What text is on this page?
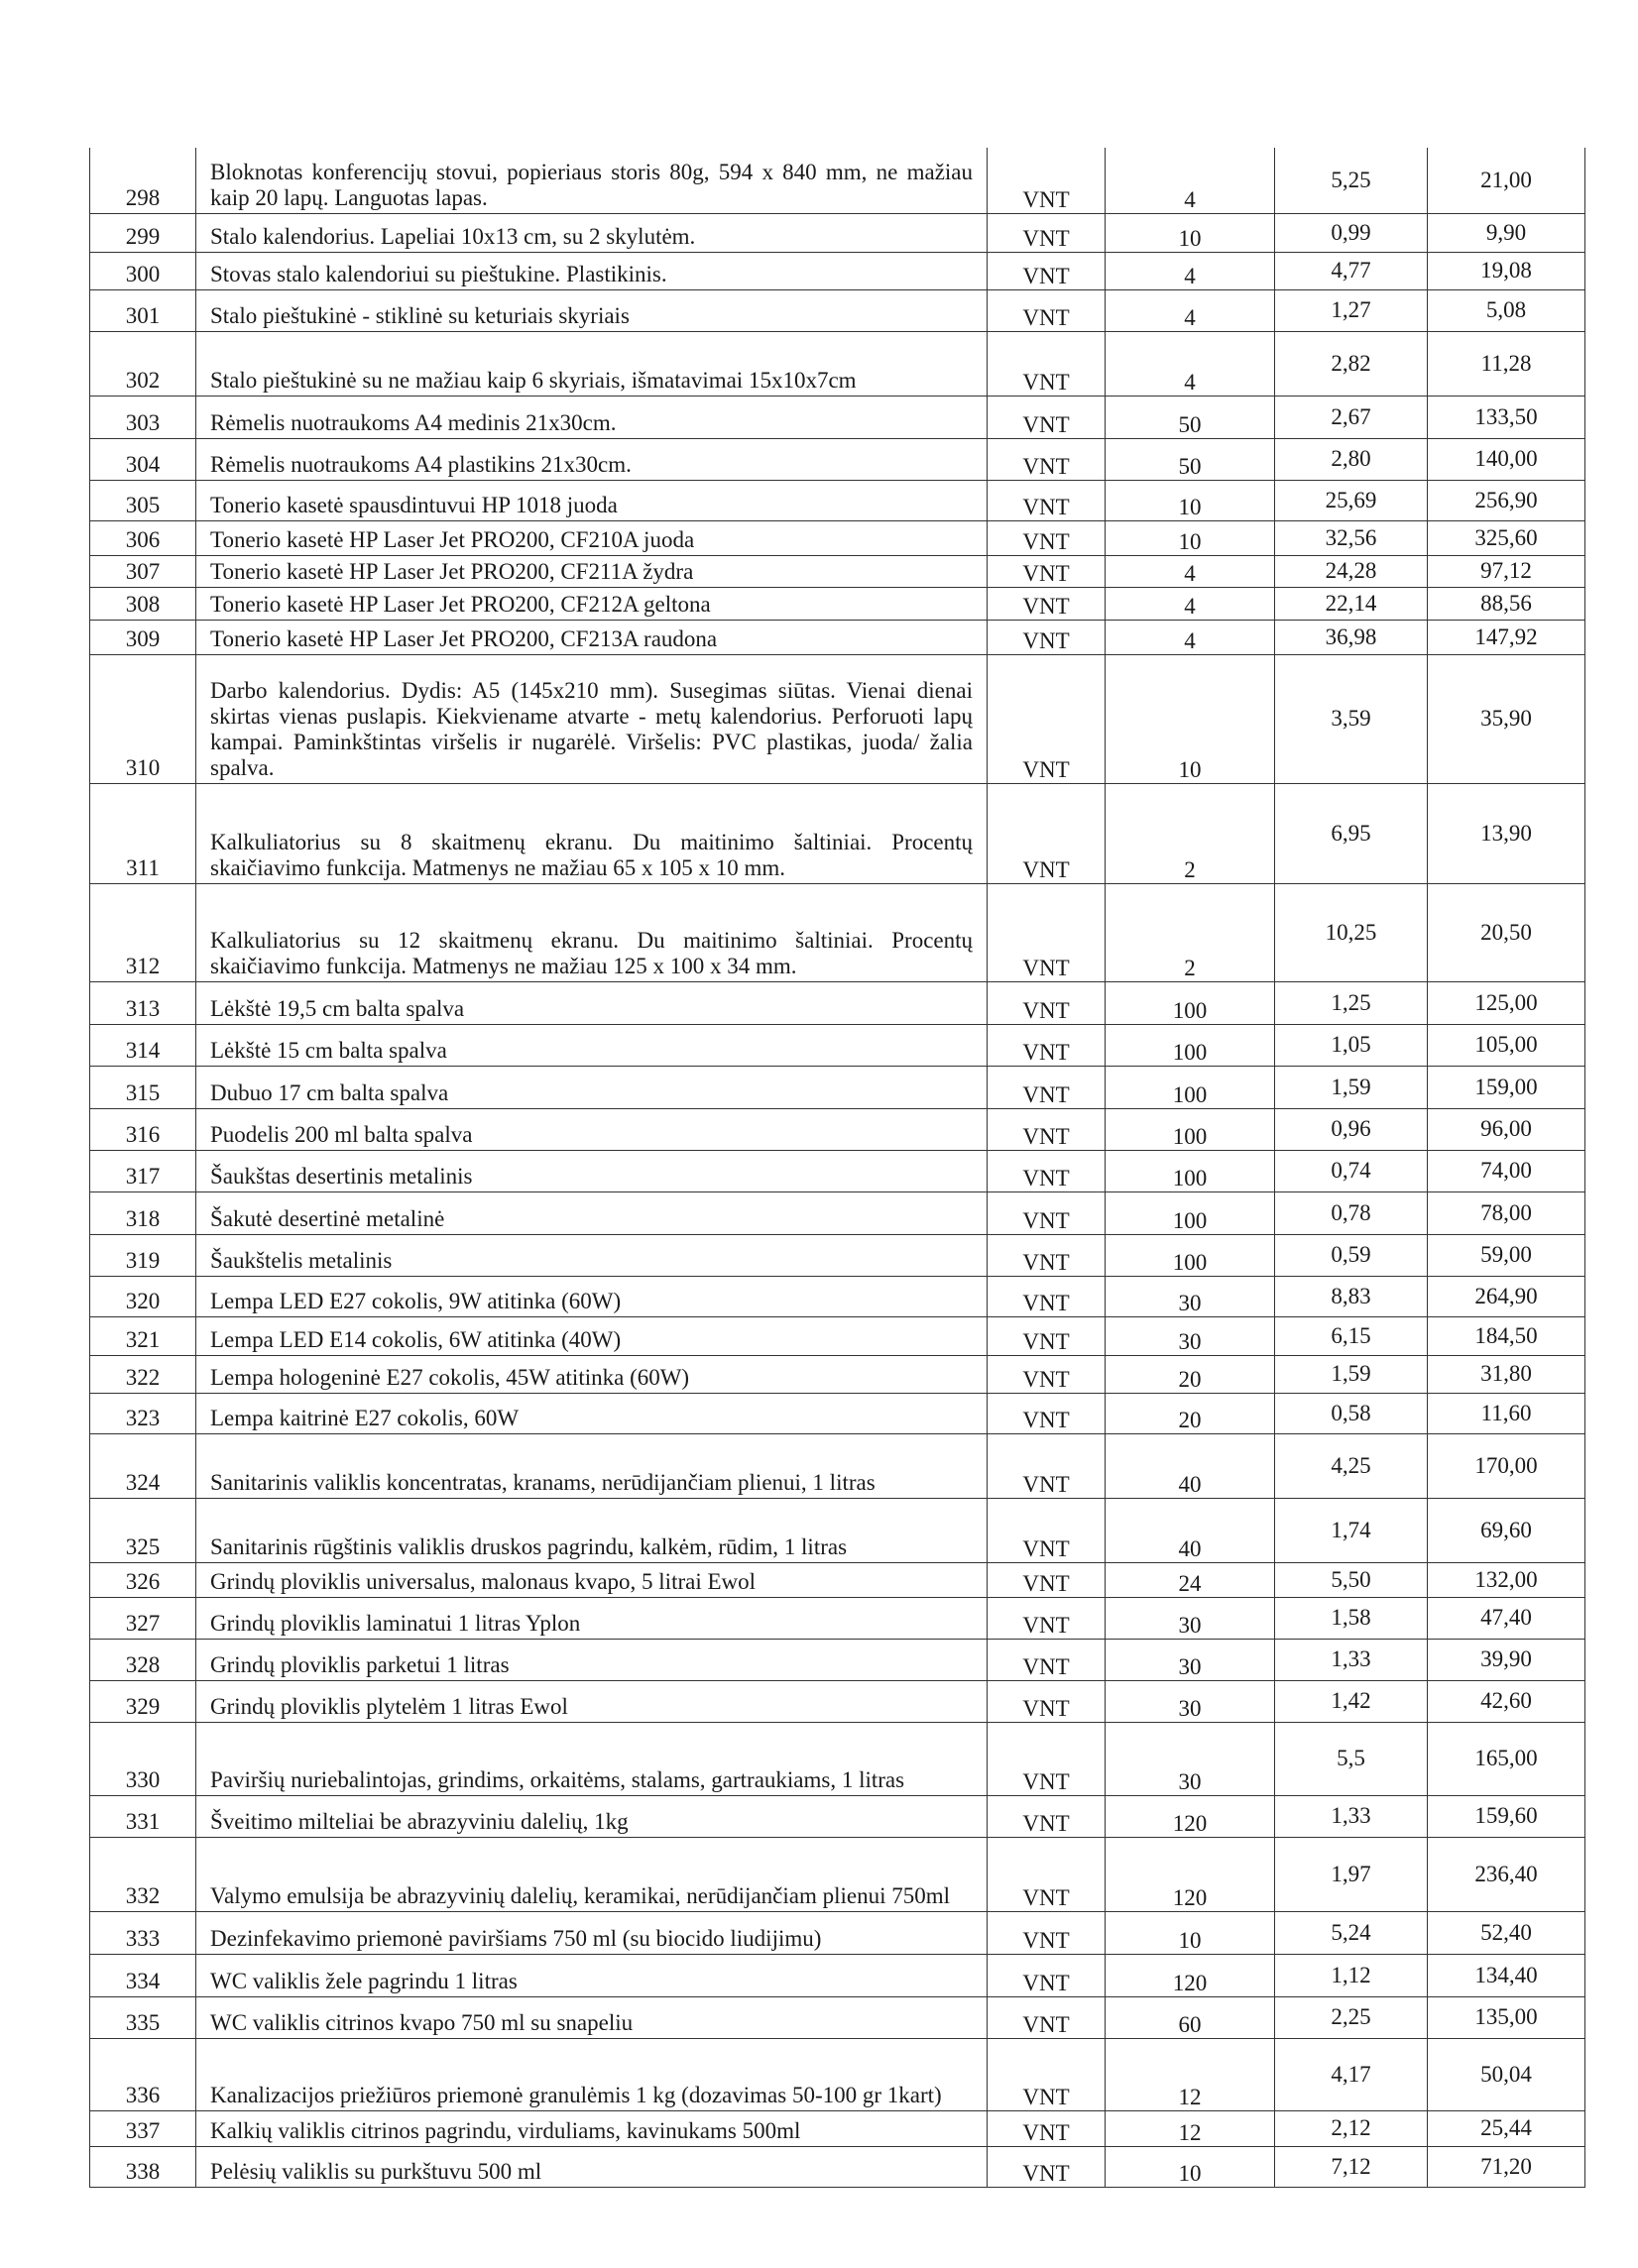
298	Bloknotas konferencijų stovui, popieriaus storis 80g, 594 x 840 mm, ne mažiau kaip 20 lapų. Languotas lapas.	VNT	4	5,25	21,00
299	Stalo kalendorius. Lapeliai 10x13 cm, su 2 skylutėm.	VNT	10	0,99	9,90
300	Stovas stalo kalendoriui su pieštukine. Plastikinis.	VNT	4	4,77	19,08
301	Stalo pieštukinė - stiklinė su keturiais skyriais	VNT	4	1,27	5,08
302	Stalo pieštukinė su ne mažiau kaip 6 skyriais, išmatavimai 15x10x7cm	VNT	4	2,82	11,28
303	Rėmelis nuotraukoms A4 medinis 21x30cm.	VNT	50	2,67	133,50
304	Rėmelis nuotraukoms A4 plastikins 21x30cm.	VNT	50	2,80	140,00
305	Tonerio kasetė spausdintuvui HP 1018 juoda	VNT	10	25,69	256,90
306	Tonerio kasetė HP Laser Jet PRO200, CF210A juoda	VNT	10	32,56	325,60
307	Tonerio kasetė HP Laser Jet PRO200, CF211A žydra	VNT	4	24,28	97,12
308	Tonerio kasetė HP Laser Jet PRO200, CF212A geltona	VNT	4	22,14	88,56
309	Tonerio kasetė HP Laser Jet PRO200, CF213A raudona	VNT	4	36,98	147,92
310	Darbo kalendorius. Dydis: A5 (145x210 mm). Susegimas siūtas. Vienai dienai skirtas vienas puslapis. Kiekviename atvarte - metų kalendorius. Perforuoti lapų kampai. Paminkštintas viršelis ir nugarėlė. Viršelis: PVC plastikas, juoda/ žalia spalva.	VNT	10	3,59	35,90
311	Kalkuliatorius su 8 skaitmenų ekranu. Du maitinimo šaltiniai. Procentų skaičiavimo funkcija. Matmenys ne mažiau 65 x 105 x 10 mm.	VNT	2	6,95	13,90
312	Kalkuliatorius su 12 skaitmenų ekranu. Du maitinimo šaltiniai. Procentų skaičiavimo funkcija. Matmenys ne mažiau 125 x 100 x 34 mm.	VNT	2	10,25	20,50
313	Lėkštė 19,5 cm balta spalva	VNT	100	1,25	125,00
314	Lėkštė 15 cm balta spalva	VNT	100	1,05	105,00
315	Dubuo 17 cm balta spalva	VNT	100	1,59	159,00
316	Puodelis 200 ml balta spalva	VNT	100	0,96	96,00
317	Šaukštas desertinis metalinis	VNT	100	0,74	74,00
318	Šakutė desertinė metalinė	VNT	100	0,78	78,00
319	Šaukštelis metalinis	VNT	100	0,59	59,00
320	Lempa LED E27 cokolis, 9W atitinka (60W)	VNT	30	8,83	264,90
321	Lempa LED E14 cokolis, 6W atitinka (40W)	VNT	30	6,15	184,50
322	Lempa hologeninė E27 cokolis, 45W atitinka (60W)	VNT	20	1,59	31,80
323	Lempa kaitrinė E27 cokolis, 60W	VNT	20	0,58	11,60
324	Sanitarinis valiklis koncentratas, kranams, nerūdijančiam plienui, 1 litras	VNT	40	4,25	170,00
325	Sanitarinis rūgštinis valiklis druskos pagrindu, kalkėm, rūdim, 1 litras	VNT	40	1,74	69,60
326	Grindų ploviklis universalus, malonaus kvapo, 5 litrai Ewol	VNT	24	5,50	132,00
327	Grindų ploviklis laminatui 1 litras Yplon	VNT	30	1,58	47,40
328	Grindų ploviklis parketui 1 litras	VNT	30	1,33	39,90
329	Grindų ploviklis plytelėm 1 litras Ewol	VNT	30	1,42	42,60
330	Paviršių nuriebalintojas, grindims, orkaitėms, stalams, gartraukiams, 1 litras	VNT	30	5,5	165,00
331	Šveitimo milteliai be abrazyviniu dalelių, 1kg	VNT	120	1,33	159,60
332	Valymo emulsija be abrazyvinių dalelių, keramikai, nerūdijančiam plienui 750ml	VNT	120	1,97	236,40
333	Dezinfekavimo priemonė paviršiams 750 ml (su biocido liudijimu)	VNT	10	5,24	52,40
334	WC valiklis žele pagrindu 1 litras	VNT	120	1,12	134,40
335	WC valiklis citrinos kvapo 750 ml su snapeliu	VNT	60	2,25	135,00
336	Kanalizacijos priežiūros priemonė granulėmis 1 kg (dozavimas 50-100 gr 1kart)	VNT	12	4,17	50,04
337	Kalkių valiklis citrinos pagrindu, virduliams, kavinukams 500ml	VNT	12	2,12	25,44
338	Pelėsių valiklis su purkštuvu 500 ml	VNT	10	7,12	71,20
